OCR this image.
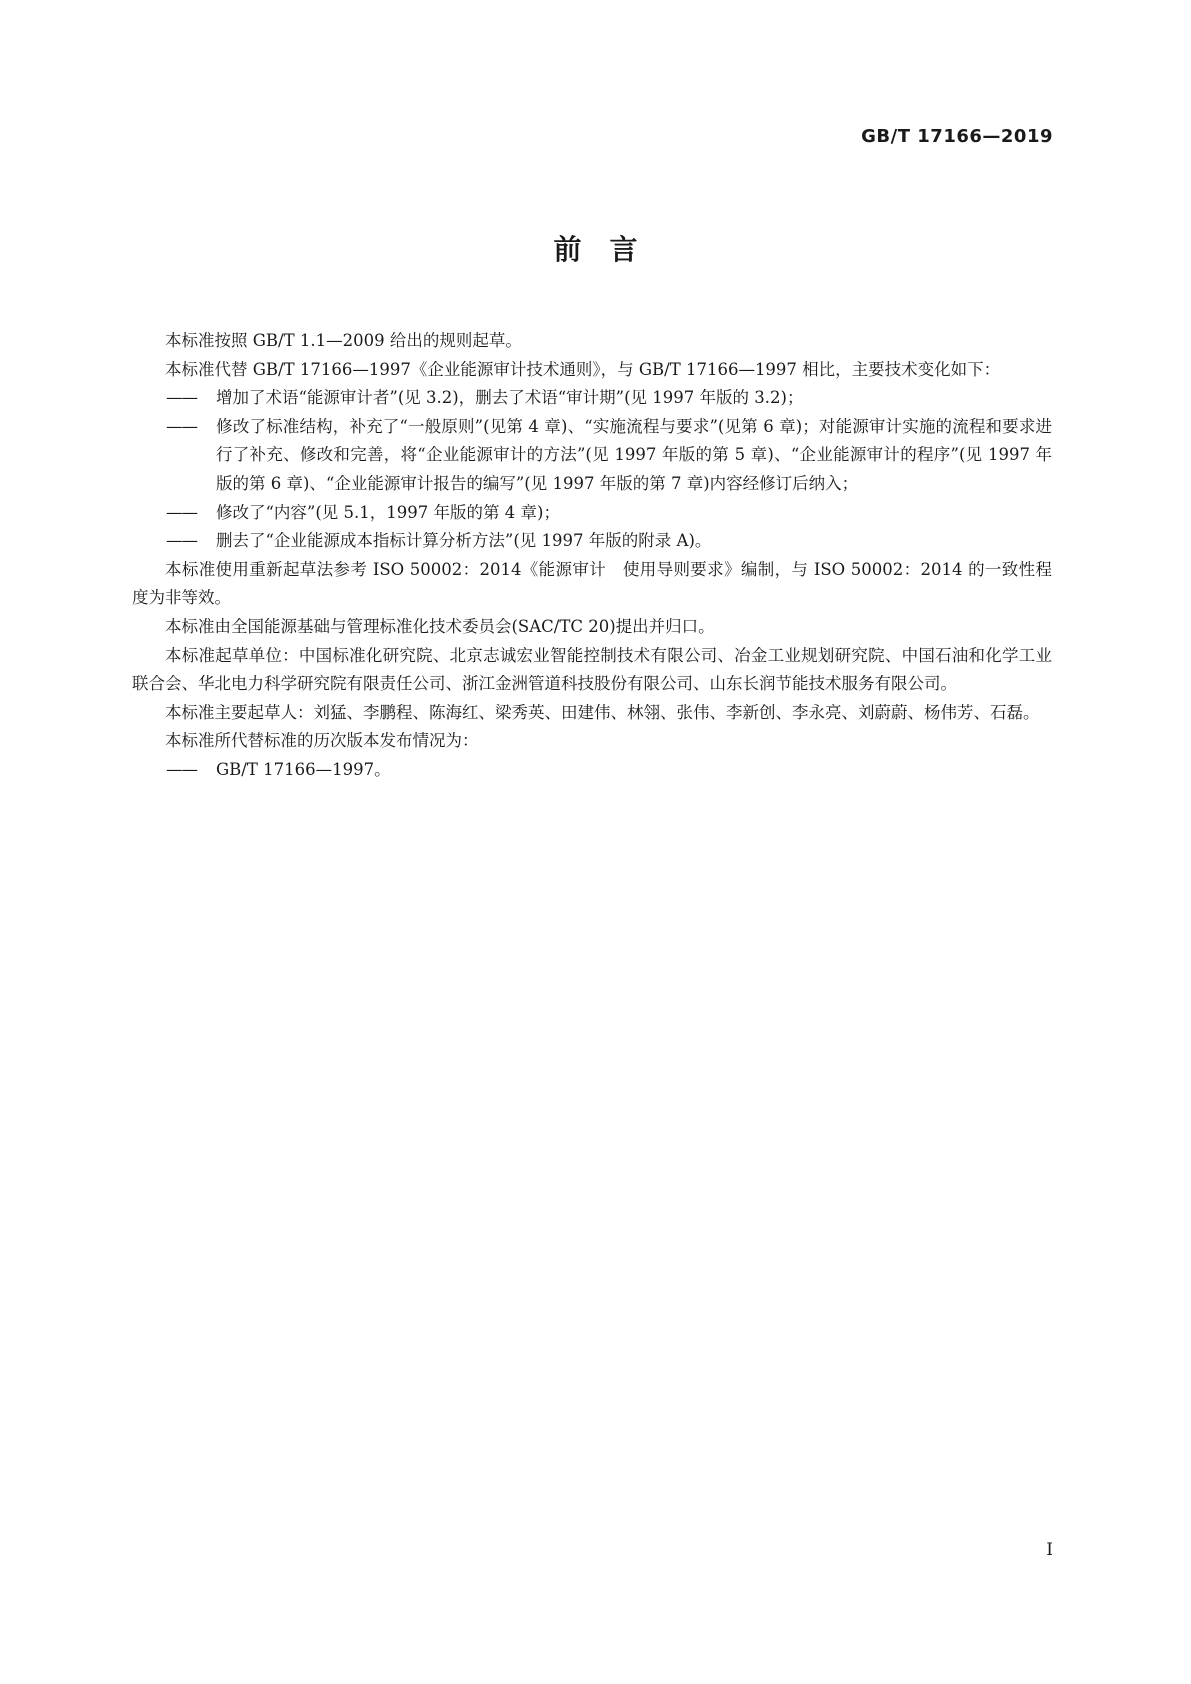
GB/T 17166—2019
前言

本标准按照 GB/T 1.1—2009 给出的规则起草。

本标准代替 GB/T 17166—1997《企业能源审计技术通则》，与 GB/T 17166—1997 相比，主要技术变化如下：

—— 增加了术语“能源审计者”(见 3.2)，删去了术语“审计期”(见 1997 年版的 3.2)；

—— 修改了标准结构，补充了“一般原则”(见第 4 章)、“实施流程与要求”(见第 6 章)；对能源审计实施的流程和要求进行了补充、修改和完善，将“企业能源审计的方法”(见 1997 年版的第 5 章)、“企业能源审计的程序”(见 1997 年版的第 6 章)、“企业能源审计报告的编写”(见 1997 年版的第 7 章)内容经修订后纳入；

—— 修改了“内容”(见 5.1，1997 年版的第 4 章)；

—— 删去了“企业能源成本指标计算分析方法”(见 1997 年版的附录 A)。

本标准使用重新起草法参考 ISO 50002：2014《能源审计　使用导则要求》编制，与 ISO 50002：2014 的一致性程度为非等效。

本标准由全国能源基础与管理标准化技术委员会(SAC/TC 20)提出并归口。

本标准起草单位：中国标准化研究院、北京志诚宏业智能控制技术有限公司、冶金工业规划研究院、中国石油和化学工业联合会、华北电力科学研究院有限责任公司、浙江金洲管道科技股份有限公司、山东长润节能技术服务有限公司。

本标准主要起草人：刘猛、李鹏程、陈海红、梁秀英、田建伟、林翎、张伟、李新创、李永亮、刘蔚蔚、杨伟芳、石磊。

本标准所代替标准的历次版本发布情况为：

—— GB/T 17166—1997。

I
